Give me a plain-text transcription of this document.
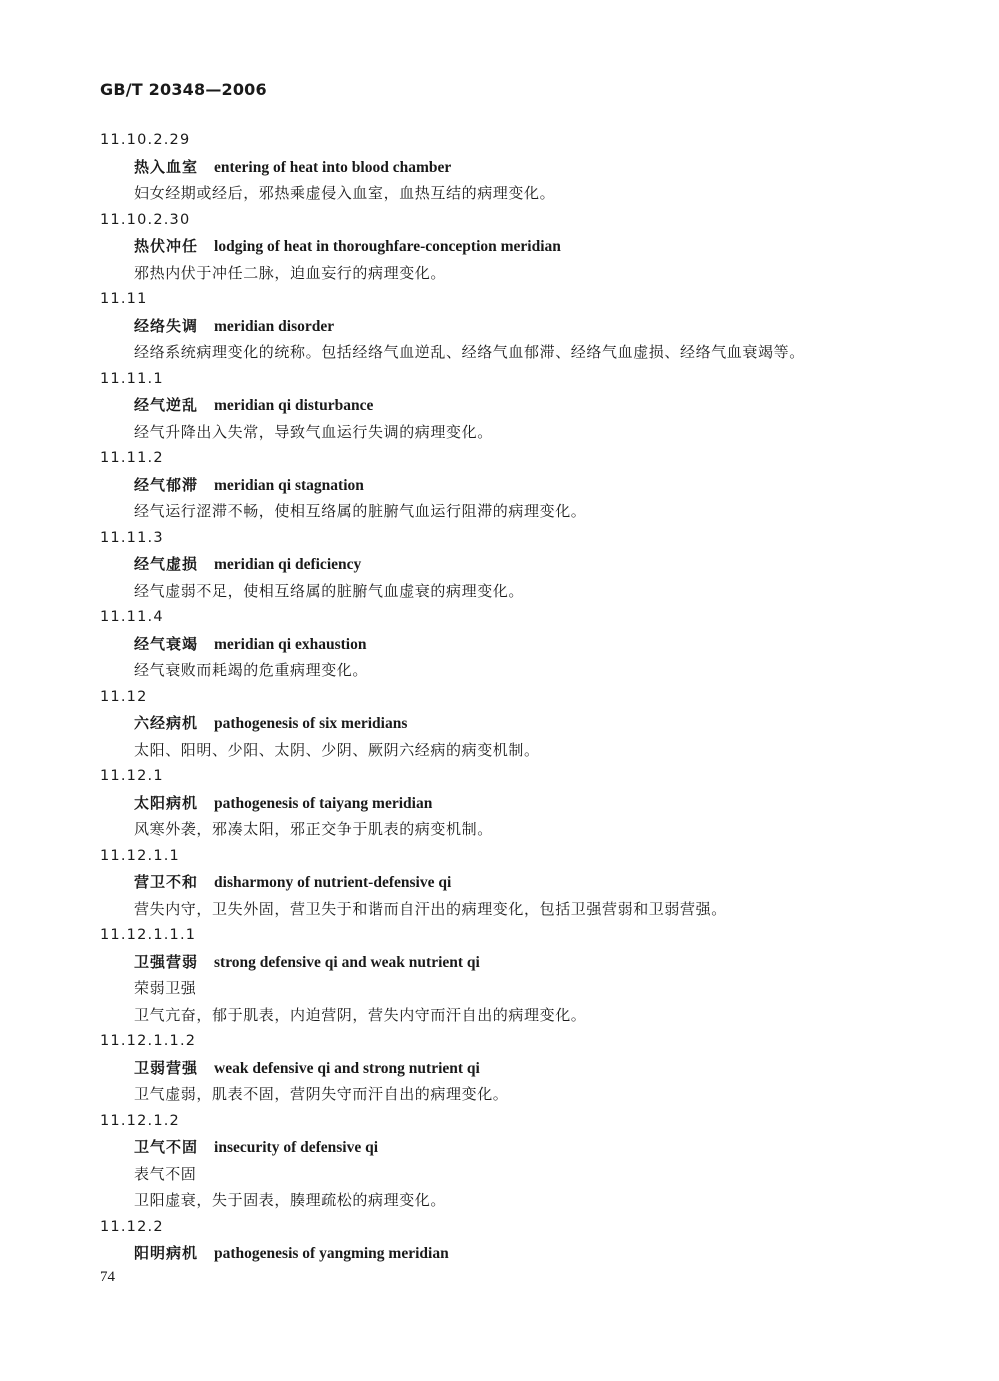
GB/T 20348—2006
11.10.2.29
热入血室 entering of heat into blood chamber
妇女经期或经后，邪热乘虚侵入血室，血热互结的病理变化。
11.10.2.30
热伏冲任 lodging of heat in thoroughfare-conception meridian
邪热内伏于冲任二脉，迫血妄行的病理变化。
11.11
经络失调 meridian disorder
经络系统病理变化的统称。包括经络气血逆乱、经络气血郁滞、经络气血虚损、经络气血衰竭等。
11.11.1
经气逆乱 meridian qi disturbance
经气升降出入失常，导致气血运行失调的病理变化。
11.11.2
经气郁滞 meridian qi stagnation
经气运行涩滞不畅，使相互络属的脏腑气血运行阻滞的病理变化。
11.11.3
经气虚损 meridian qi deficiency
经气虚弱不足，使相互络属的脏腑气血虚衰的病理变化。
11.11.4
经气衰竭 meridian qi exhaustion
经气衰败而耗竭的危重病理变化。
11.12
六经病机 pathogenesis of six meridians
太阳、阳明、少阳、太阴、少阴、厥阴六经病的病变机制。
11.12.1
太阳病机 pathogenesis of taiyang meridian
风寒外袭，邪凑太阳，邪正交争于肌表的病变机制。
11.12.1.1
营卫不和 disharmony of nutrient-defensive qi
营失内守，卫失外固，营卫失于和谐而自汗出的病理变化，包括卫强营弱和卫弱营强。
11.12.1.1.1
卫强营弱 strong defensive qi and weak nutrient qi
荣弱卫强
卫气亢奋，郁于肌表，内迫营阴，营失内守而汗自出的病理变化。
11.12.1.1.2
卫弱营强 weak defensive qi and strong nutrient qi
卫气虚弱，肌表不固，营阴失守而汗自出的病理变化。
11.12.1.2
卫气不固 insecurity of defensive qi
表气不固
卫阳虚衰，失于固表，腠理疏松的病理变化。
11.12.2
阳明病机 pathogenesis of yangming meridian
74
